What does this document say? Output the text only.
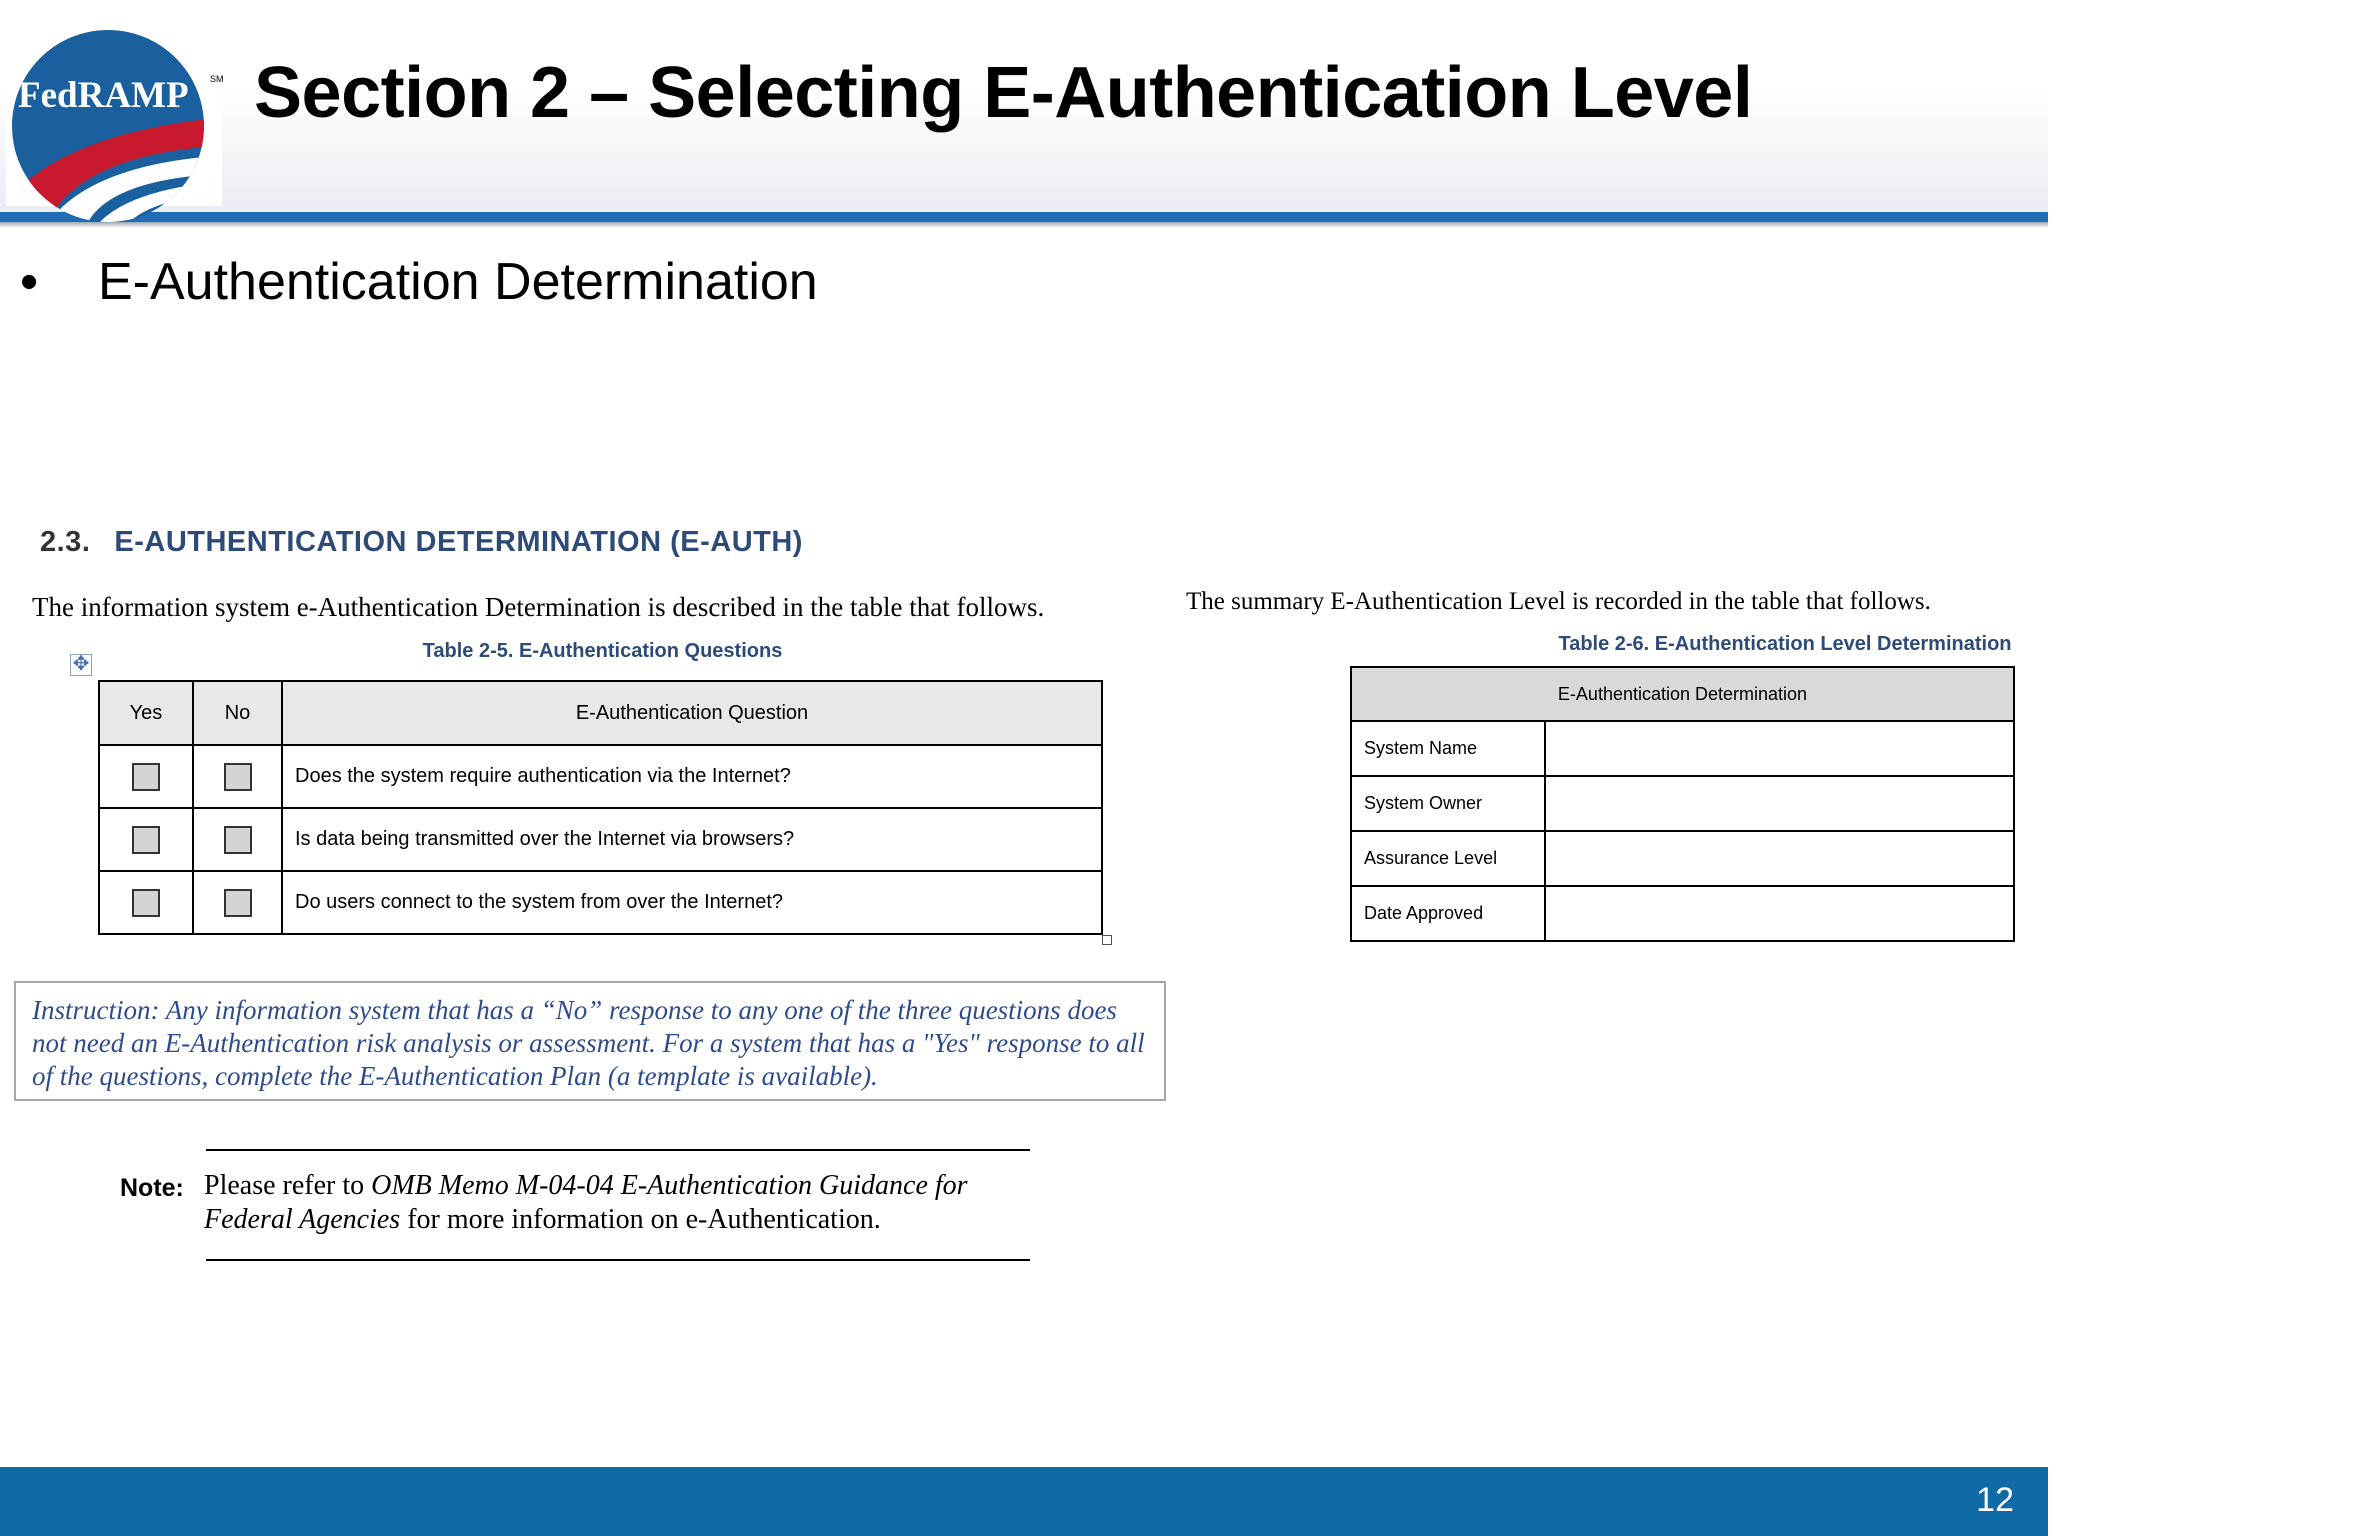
FedRAMP SM Section 2 – Selecting E-Authentication Level
• E-Authentication Determination
2.3. E-AUTHENTICATION DETERMINATION (E-AUTH)
The information system e-Authentication Determination is described in the table that follows.
Table 2-5. E-Authentication Questions
✥
Yes	No	E-Authentication Question
		Does the system require authentication via the Internet?
		Is data being transmitted over the Internet via browsers?
		Do users connect to the system from over the Internet?
Instruction: Any information system that has a “No” response to any one of the three questions does not need an E-Authentication risk analysis or assessment. For a system that has a "Yes" response to all of the questions, complete the E-Authentication Plan (a template is available).
Note: Please refer to OMB Memo M-04-04 E-Authentication Guidance for Federal Agencies for more information on e-Authentication.
The summary E-Authentication Level is recorded in the table that follows.
Table 2-6. E-Authentication Level Determination
E-Authentication Determination	
System Name	
System Owner	
Assurance Level	
Date Approved	
12
